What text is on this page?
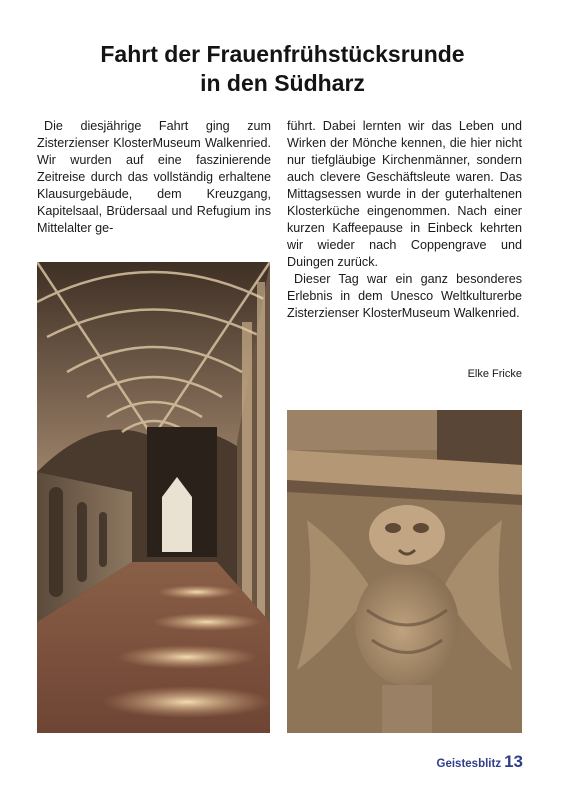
Fahrt der Frauenfrühstücksrunde
in den Südharz

Die diesjährige Fahrt ging zum Zisterzienser KlosterMuseum Walkenried. Wir wurden auf eine faszinierende Zeitreise durch das vollständig erhaltene Klausurgebäude, dem Kreuzgang, Kapitelsaal, Brüdersaal und Refugium ins Mittelalter ge-

führt. Dabei lernten wir das Leben und Wirken der Mönche kennen, die hier nicht nur tiefgläubige Kirchenmänner, sondern auch clevere Geschäftsleute waren. Das Mittagsessen wurde in der guterhaltenen Klosterküche eingenommen. Nach einer kurzen Kaffeepause in Einbeck kehrten wir wieder nach Coppengrave und Duingen zurück.

Dieser Tag war ein ganz besonderes Erlebnis in dem Unesco Weltkulturerbe Zisterzienser KlosterMuseum Walkenried.

Elke Fricke
Geistesblitz 13
